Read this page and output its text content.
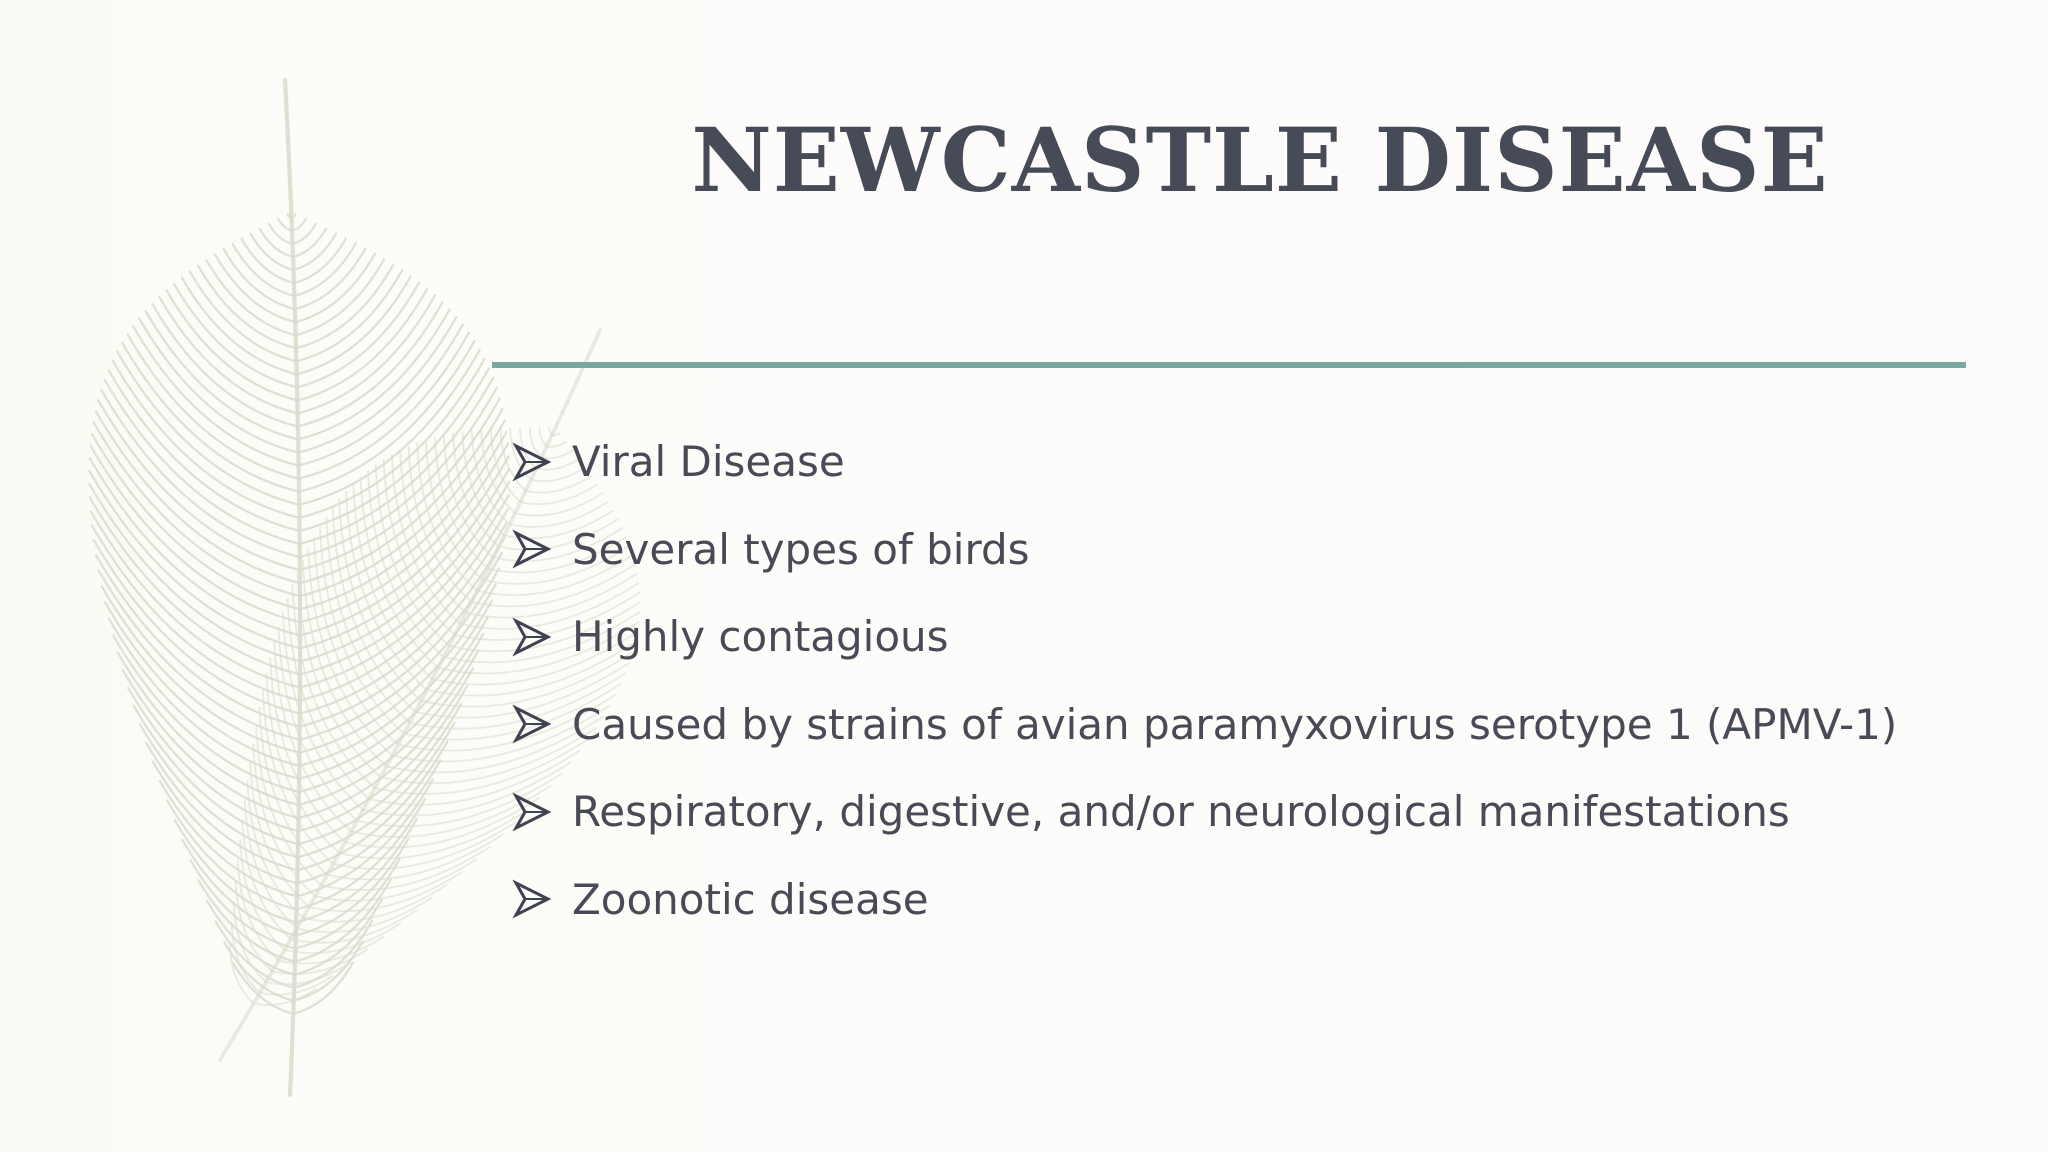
NEWCASTLE DISEASE
Viral Disease
Several types of birds
Highly contagious
Caused by strains of avian paramyxovirus serotype 1 (APMV-1)
Respiratory, digestive, and/or neurological manifestations
Zoonotic disease
